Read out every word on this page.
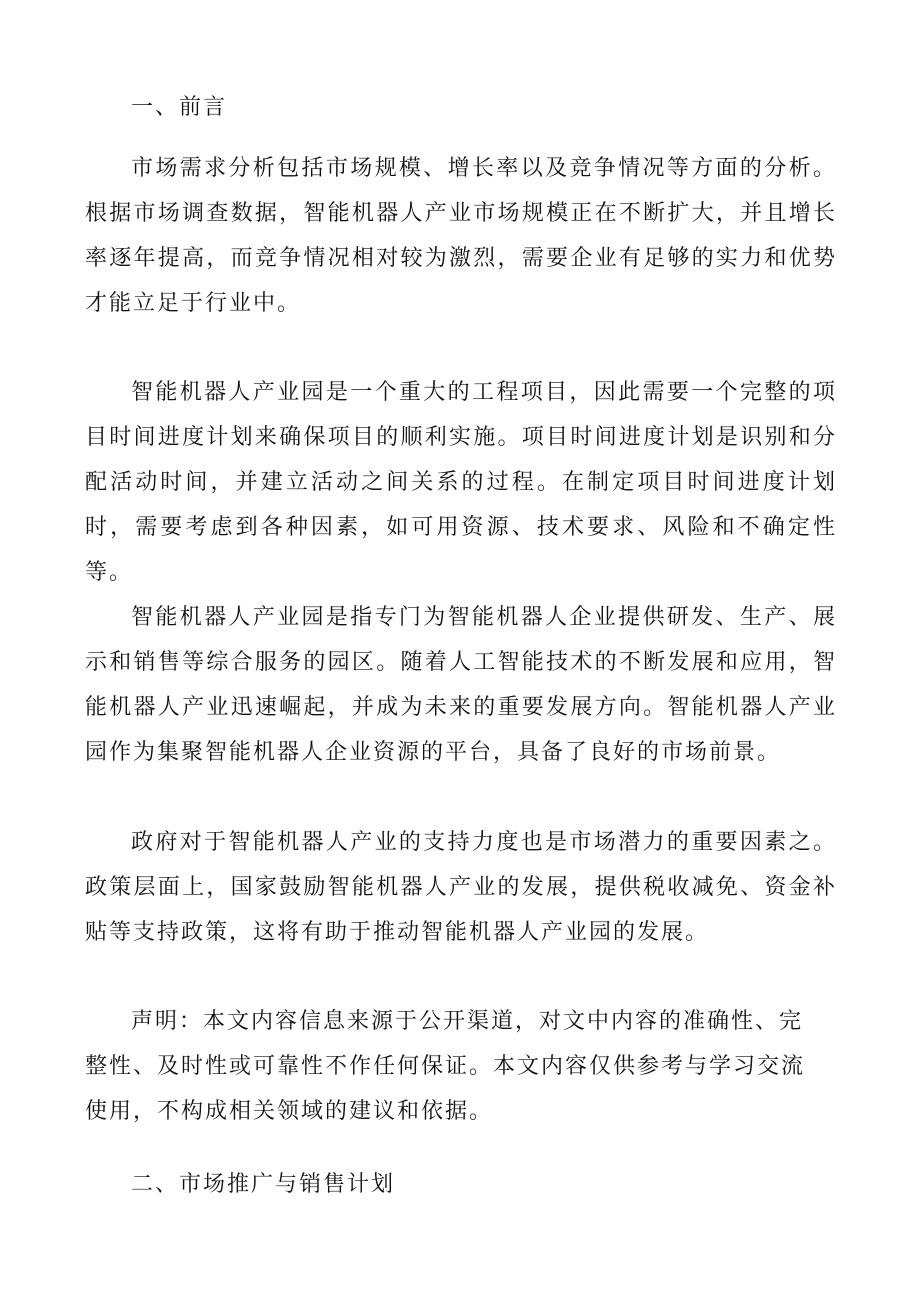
一、前言

市场需求分析包括市场规模、增长率以及竞争情况等方面的分析。根据市场调查数据，智能机器人产业市场规模正在不断扩大，并且增长率逐年提高，而竞争情况相对较为激烈，需要企业有足够的实力和优势才能立足于行业中。

智能机器人产业园是一个重大的工程项目，因此需要一个完整的项目时间进度计划来确保项目的顺利实施。项目时间进度计划是识别和分配活动时间，并建立活动之间关系的过程。在制定项目时间进度计划时，需要考虑到各种因素，如可用资源、技术要求、风险和不确定性等。

智能机器人产业园是指专门为智能机器人企业提供研发、生产、展示和销售等综合服务的园区。随着人工智能技术的不断发展和应用，智能机器人产业迅速崛起，并成为未来的重要发展方向。智能机器人产业园作为集聚智能机器人企业资源的平台，具备了良好的市场前景。

政府对于智能机器人产业的支持力度也是市场潜力的重要因素之。政策层面上，国家鼓励智能机器人产业的发展，提供税收减免、资金补贴等支持政策，这将有助于推动智能机器人产业园的发展。

声明：本文内容信息来源于公开渠道，对文中内容的准确性、完整性、及时性或可靠性不作任何保证。本文内容仅供参考与学习交流使用，不构成相关领域的建议和依据。

二、市场推广与销售计划
